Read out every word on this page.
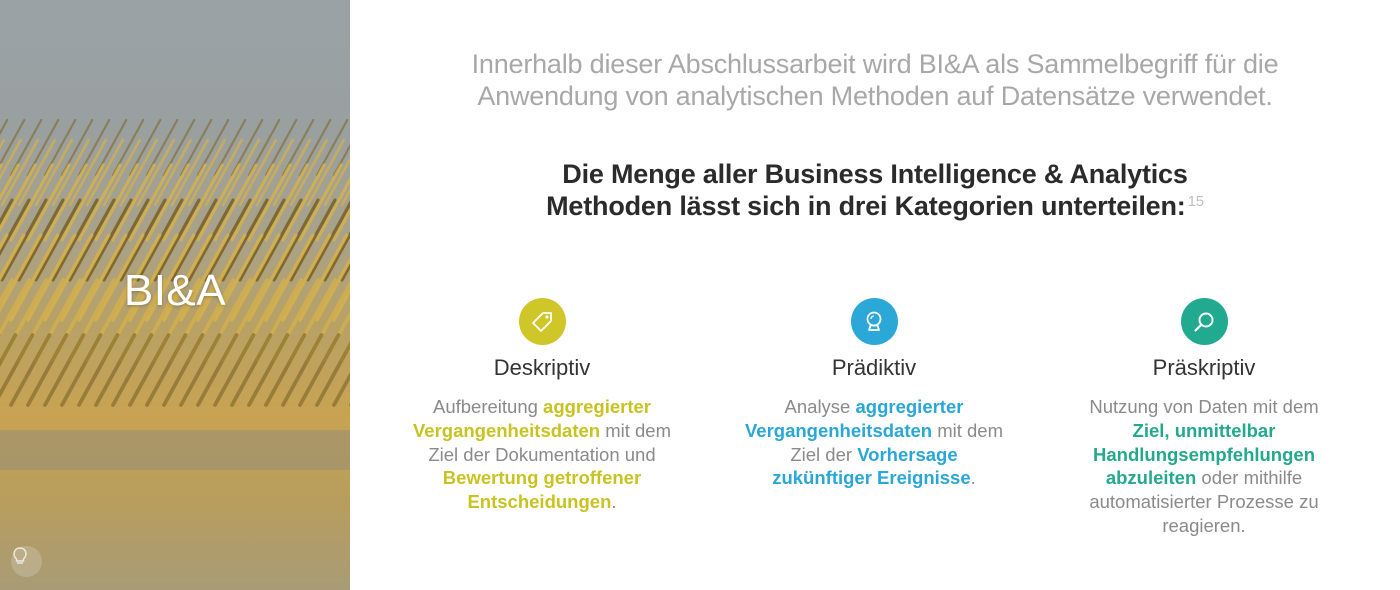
BI&A
Innerhalb dieser Abschlussarbeit wird BI&A als Sammelbegriff für die Anwendung von analytischen Methoden auf Datensätze verwendet.
Die Menge aller Business Intelligence & Analytics
Methoden lässt sich in drei Kategorien unterteilen: $^{15}$
Deskriptiv
Aufbereitung aggregierter Vergangenheitsdaten mit dem Ziel der Dokumentation und Bewertung getroffener Entscheidungen.
Prädiktiv
Analyse aggregierter Vergangenheitsdaten mit dem Ziel der Vorhersage zukünftiger Ereignisse.
Präskriptiv
Nutzung von Daten mit dem Ziel, unmittelbar Handlungsempfehlungen abzuleiten oder mithilfe automatisierter Prozesse zu reagieren.
